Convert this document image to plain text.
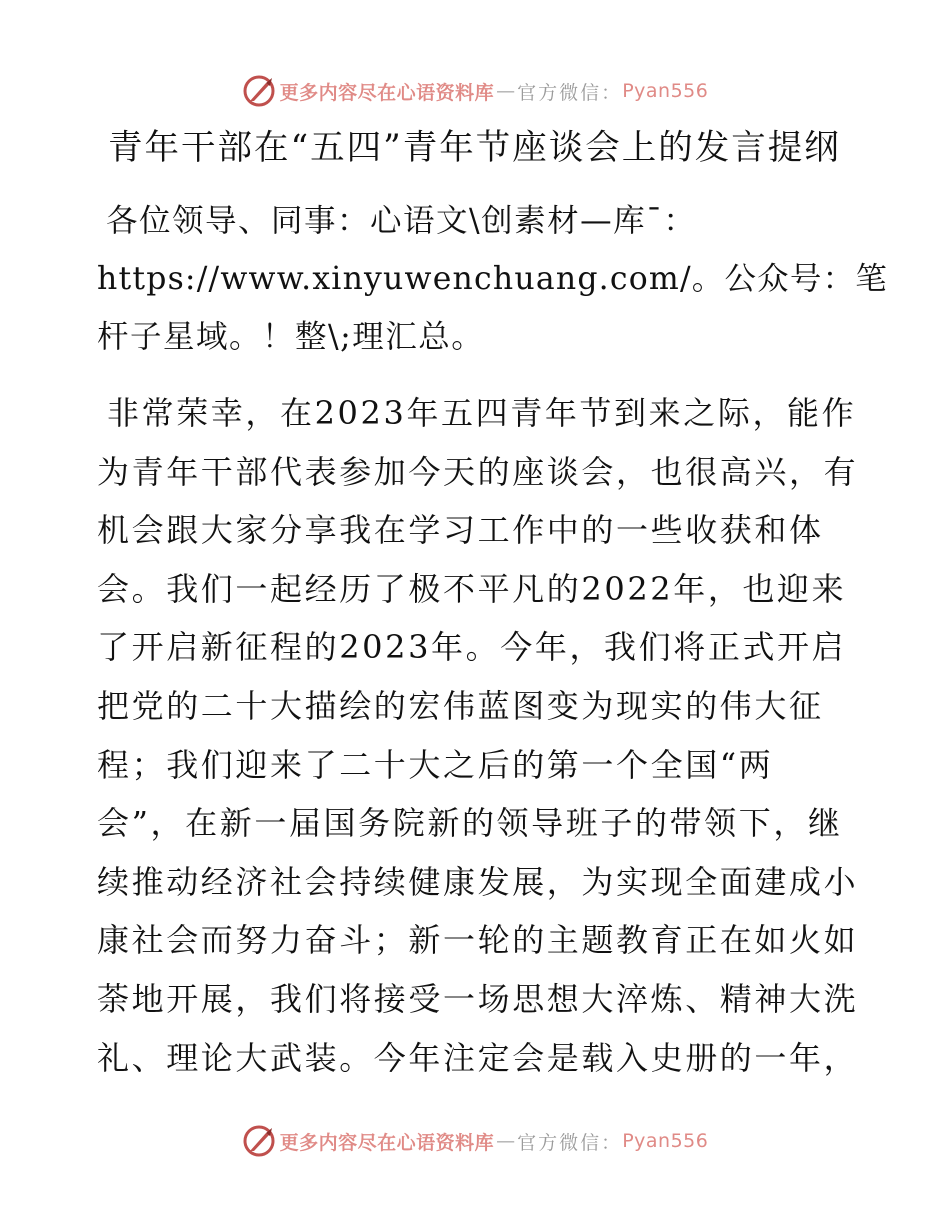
更多内容尽在心语资料库 — 官方微信： Pyan556
青年干部在“五四”青年节座谈会上的发言提纲
各位领导、同事：心语文\创素材—库¯：
https://www.xinyuwenchuang.com/。公众号：笔
杆子星域。！整\;理汇总。
非常荣幸，在2023年五四青年节到来之际，能作
为青年干部代表参加今天的座谈会，也很高兴，有
机会跟大家分享我在学习工作中的一些收获和体
会。我们一起经历了极不平凡的2022年，也迎来
了开启新征程的2023年。今年，我们将正式开启
把党的二十大描绘的宏伟蓝图变为现实的伟大征
程；我们迎来了二十大之后的第一个全国“两
会”，在新一届国务院新的领导班子的带领下，继
续推动经济社会持续健康发展，为实现全面建成小
康社会而努力奋斗；新一轮的主题教育正在如火如
荼地开展，我们将接受一场思想大淬炼、精神大洗
礼、理论大武装。今年注定会是载入史册的一年，
更多内容尽在心语资料库 — 官方微信： Pyan556
